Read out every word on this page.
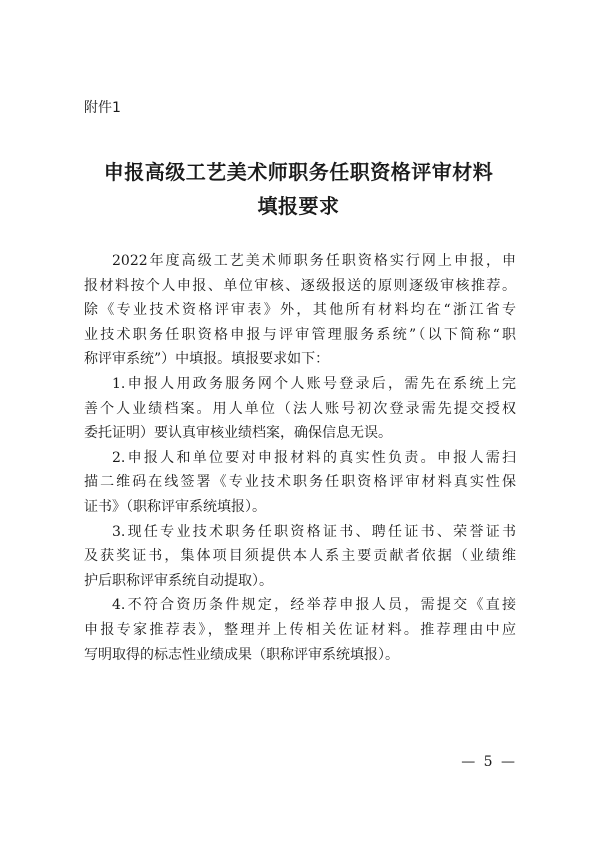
附件1
申报高级工艺美术师职务任职资格评审材料
填报要求
2022年度高级工艺美术师职务任职资格实行网上申报，申
报材料按个人申报、单位审核、逐级报送的原则逐级审核推荐。
除《专业技术资格评审表》外，其他所有材料均在“浙江省专
业技术职务任职资格申报与评审管理服务系统”（以下简称“职
称评审系统”）中填报。填报要求如下：
1.申报人用政务服务网个人账号登录后，需先在系统上完
善个人业绩档案。用人单位（法人账号初次登录需先提交授权
委托证明）要认真审核业绩档案，确保信息无误。
2.申报人和单位要对申报材料的真实性负责。申报人需扫
描二维码在线签署《专业技术职务任职资格评审材料真实性保
证书》（职称评审系统填报）。
3.现任专业技术职务任职资格证书、聘任证书、荣誉证书
及获奖证书，集体项目须提供本人系主要贡献者依据（业绩维
护后职称评审系统自动提取）。
4.不符合资历条件规定，经举荐申报人员，需提交《直接
申报专家推荐表》，整理并上传相关佐证材料。推荐理由中应
写明取得的标志性业绩成果（职称评审系统填报）。
— 5 —
